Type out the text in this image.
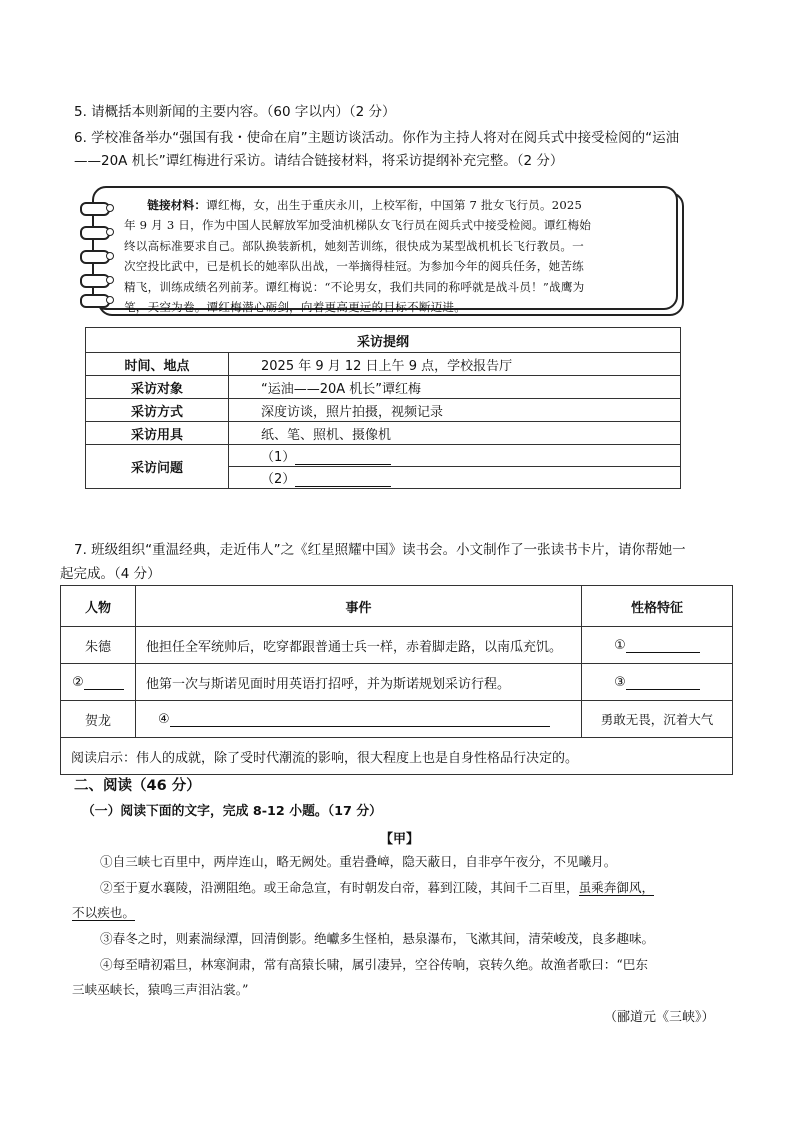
5. 请概括本则新闻的主要内容。（60 字以内）（2 分）
6. 学校准备举办“强国有我・使命在肩”主题访谈活动。你作为主持人将对在阅兵式中接受检阅的“运油
——20A 机长”谭红梅进行采访。请结合链接材料，将采访提纲补充完整。（2 分）
链接材料：谭红梅，女，出生于重庆永川，上校军衔，中国第 7 批女飞行员。2025
年 9 月 3 日，作为中国人民解放军加受油机梯队女飞行员在阅兵式中接受检阅。谭红梅始
终以高标准要求自己。部队换装新机，她刻苦训练，很快成为某型战机机长飞行教员。一
次空投比武中，已是机长的她率队出战，一举摘得桂冠。为参加今年的阅兵任务，她苦练
精飞，训练成绩名列前茅。谭红梅说：“不论男女，我们共同的称呼就是战斗员！”战鹰为
笔，天空为卷。谭红梅潜心砺剑，向着更高更远的目标不断迈进。
采访提纲	
时间、地点	2025 年 9 月 12 日上午 9 点，学校报告厅
采访对象	“运油——20A 机长”谭红梅
采访方式	深度访谈，照片拍摄，视频记录
采访用具	纸、笔、照机、摄像机
采访问题	（1）
	（2）
7. 班级组织“重温经典，走近伟人”之《红星照耀中国》读书会。小文制作了一张读书卡片，请你帮她一
起完成。（4 分）
人物	事件	性格特征
朱德	他担任全军统帅后，吃穿都跟普通士兵一样，赤着脚走路，以南瓜充饥。	①
②	他第一次与斯诺见面时用英语打招呼，并为斯诺规划采访行程。	③
贺龙	④	勇敢无畏，沉着大气
阅读启示：伟人的成就，除了受时代潮流的影响，很大程度上也是自身性格品行决定的。		
二、阅读（46 分）
（一）阅读下面的文字，完成 8-12 小题。（17 分）
【甲】
①自三峡七百里中，两岸连山，略无阙处。重岩叠嶂，隐天蔽日，自非亭午夜分，不见曦月。
②至于夏水襄陵，沿溯阻绝。或王命急宣，有时朝发白帝，暮到江陵，其间千二百里，虽乘奔御风，
不以疾也。
③春冬之时，则素湍绿潭，回清倒影。绝巘多生怪柏，悬泉瀑布，飞漱其间，清荣峻茂，良多趣味。
④每至晴初霜旦，林寒涧肃，常有高猿长啸，属引凄异，空谷传响，哀转久绝。故渔者歌曰：“巴东
三峡巫峡长，猿鸣三声泪沾裳。”
（郦道元《三峡》）
